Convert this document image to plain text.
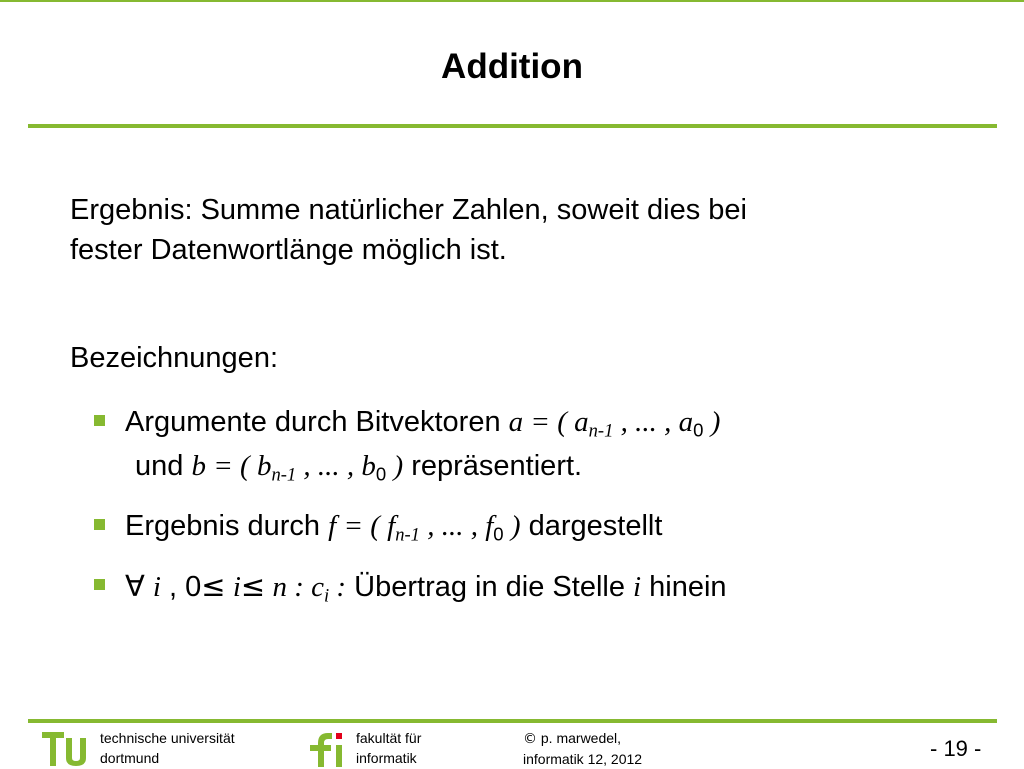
Addition

Ergebnis: Summe natürlicher Zahlen, soweit dies bei
fester Datenwortlänge möglich ist.

Bezeichnungen:

Argumente durch Bitvektoren a = ( $a_{n-1}$ , ... , $a_0$ )
und b = ( $b_{n-1}$ , ... , $b_0$ ) repräsentiert.
Ergebnis durch f = ( $f_{n-1}$ , ... , $f_0$ ) dargestellt
∀ i , 0≤ i≤ n : $c_i$ : Übertrag in die Stelle i hinein
technische universität
dortmund
fakultät für
informatik
© p. marwedel,
informatik 12, 2012	- 19 -
